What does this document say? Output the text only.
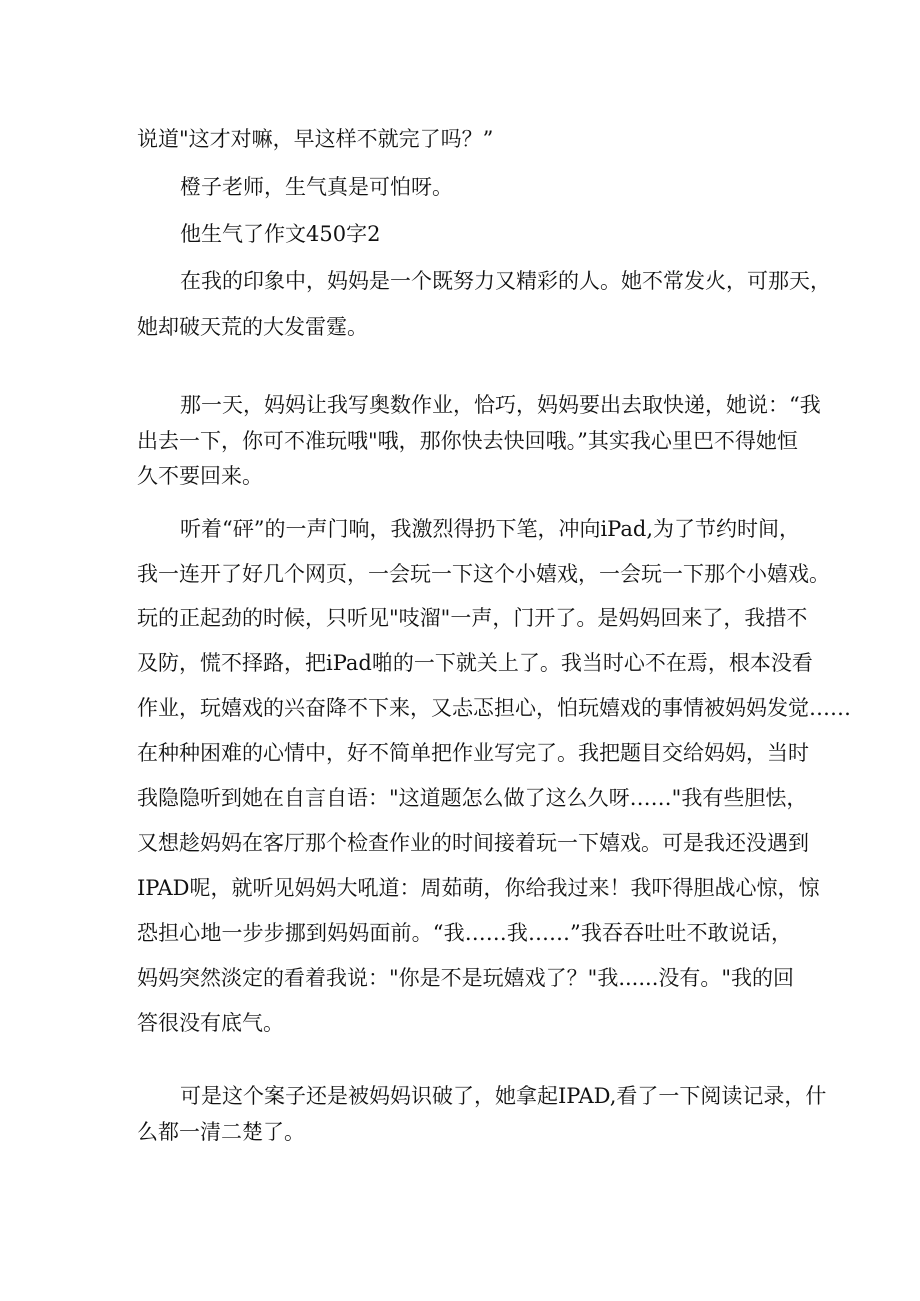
说道"这才对嘛，早这样不就完了吗？”
橙子老师，生气真是可怕呀。
他生气了作文450字2
在我的印象中，妈妈是一个既努力又精彩的人。她不常发火，可那天，
她却破天荒的大发雷霆。
那一天，妈妈让我写奥数作业，恰巧，妈妈要出去取快递，她说：“我
出去一下，你可不准玩哦"哦，那你快去快回哦。”其实我心里巴不得她恒
久不要回来。
听着“砰”的一声门响，我激烈得扔下笔，冲向iPad,为了节约时间，
我一连开了好几个网页，一会玩一下这个小嬉戏，一会玩一下那个小嬉戏。
玩的正起劲的时候，只听见"吱溜"一声，门开了。是妈妈回来了，我措不
及防，慌不择路，把iPad啪的一下就关上了。我当时心不在焉，根本没看
作业，玩嬉戏的兴奋降不下来，又忐忑担心，怕玩嬉戏的事情被妈妈发觉……
在种种困难的心情中，好不简单把作业写完了。我把题目交给妈妈，当时
我隐隐听到她在自言自语："这道题怎么做了这么久呀……"我有些胆怯，
又想趁妈妈在客厅那个检查作业的时间接着玩一下嬉戏。可是我还没遇到
IPAD呢，就听见妈妈大吼道：周茹萌，你给我过来！我吓得胆战心惊，惊
恐担心地一步步挪到妈妈面前。“我……我……”我吞吞吐吐不敢说话，
妈妈突然淡定的看着我说："你是不是玩嬉戏了？"我......没有。"我的回
答很没有底气。
可是这个案子还是被妈妈识破了，她拿起IPAD,看了一下阅读记录，什
么都一清二楚了。
